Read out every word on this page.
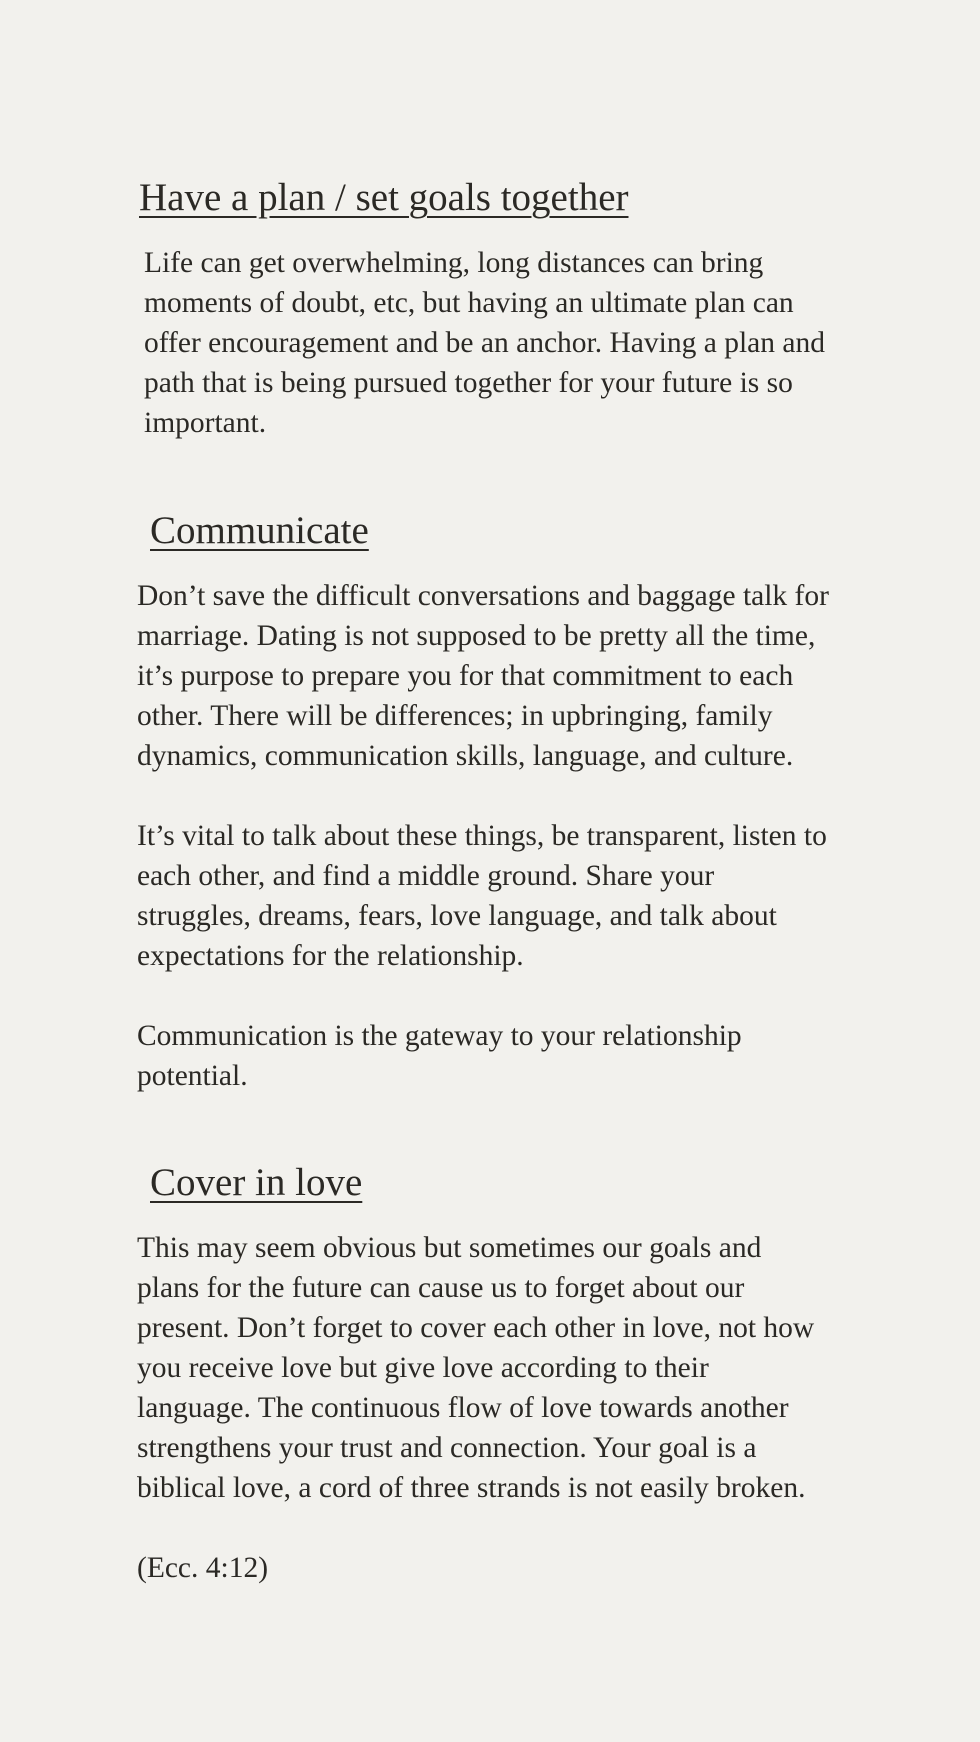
Have a plan / set goals together

Life can get overwhelming, long distances can bring moments of doubt, etc, but having an ultimate plan can offer encouragement and be an anchor. Having a plan and path that is being pursued together for your future is so important.

Communicate

Don’t save the difficult conversations and baggage talk for marriage. Dating is not supposed to be pretty all the time, it’s purpose to prepare you for that commitment to each other. There will be differences; in upbringing, family dynamics, communication skills, language, and culture.

It’s vital to talk about these things, be transparent, listen to each other, and find a middle ground. Share your struggles, dreams, fears, love language, and talk about expectations for the relationship.

Communication is the gateway to your relationship potential.

Cover in love

This may seem obvious but sometimes our goals and plans for the future can cause us to forget about our present. Don’t forget to cover each other in love, not how you receive love but give love according to their language. The continuous flow of love towards another strengthens your trust and connection. Your goal is a biblical love, a cord of three strands is not easily broken.

(Ecc. 4:12)
